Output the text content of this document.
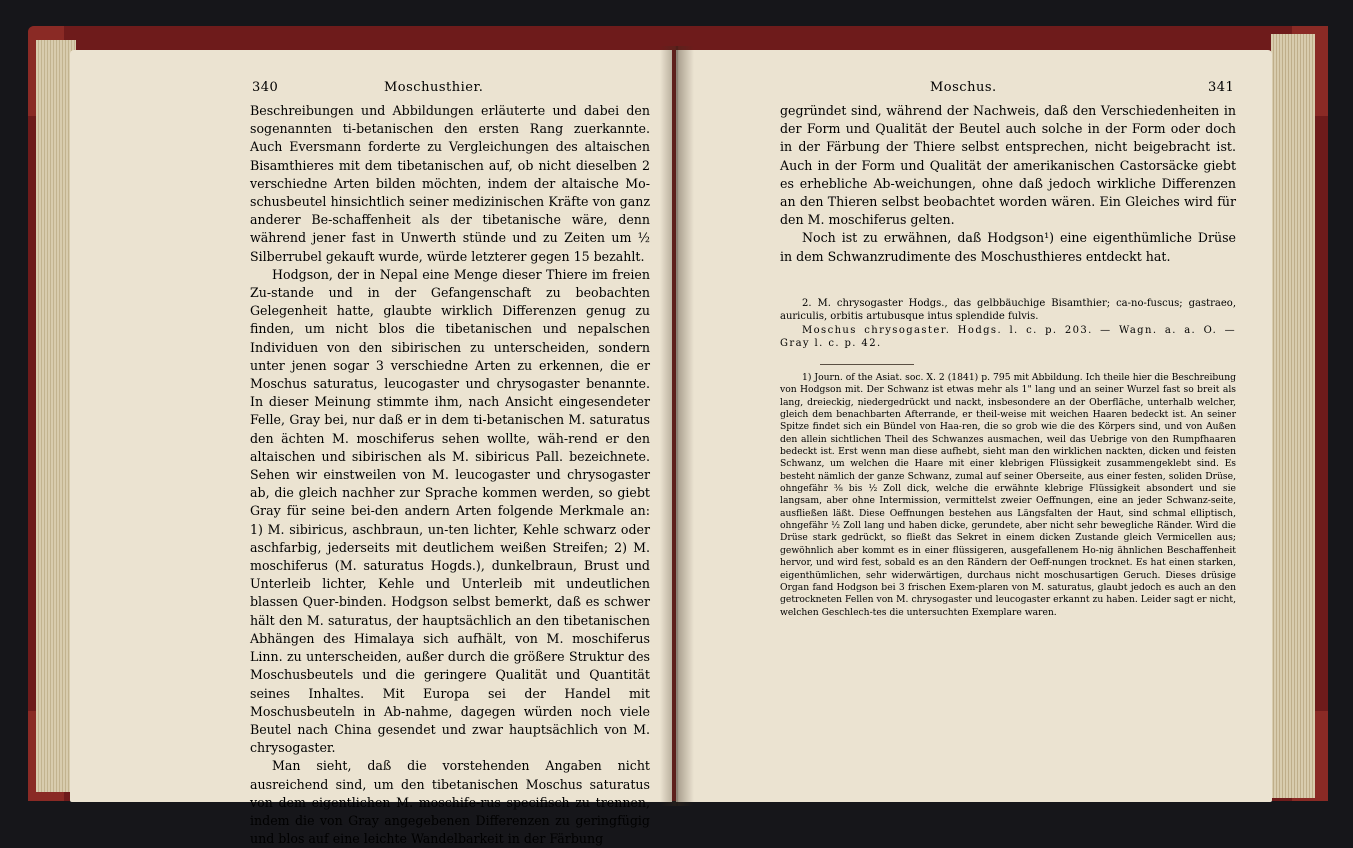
340	Moschusthier.

Beschreibungen und Abbildungen erläuterte und dabei den sogenannten ti-betanischen den ersten Rang zuerkannte. Auch Eversmann forderte zu Vergleichungen des altaischen Bisamthieres mit dem tibetanischen auf, ob nicht dieselben 2 verschiedne Arten bilden möchten, indem der altaische Mo-schusbeutel hinsichtlich seiner medizinischen Kräfte von ganz anderer Be-schaffenheit als der tibetanische wäre, denn während jener fast in Unwerth stünde und zu Zeiten um ½ Silberrubel gekauft wurde, würde letzterer gegen 15 bezahlt.

Hodgson, der in Nepal eine Menge dieser Thiere im freien Zu-stande und in der Gefangenschaft zu beobachten Gelegenheit hatte, glaubte wirklich Differenzen genug zu finden, um nicht blos die tibetanischen und nepalschen Individuen von den sibirischen zu unterscheiden, sondern unter jenen sogar 3 verschiedne Arten zu erkennen, die er Moschus saturatus, leucogaster und chrysogaster benannte. In dieser Meinung stimmte ihm, nach Ansicht eingesendeter Felle, Gray bei, nur daß er in dem ti-betanischen M. saturatus den ächten M. moschiferus sehen wollte, wäh-rend er den altaischen und sibirischen als M. sibiricus Pall. bezeichnete. Sehen wir einstweilen von M. leucogaster und chrysogaster ab, die gleich nachher zur Sprache kommen werden, so giebt Gray für seine bei-den andern Arten folgende Merkmale an: 1) M. sibiricus, aschbraun, un-ten lichter, Kehle schwarz oder aschfarbig, jederseits mit deutlichem weißen Streifen; 2) M. moschiferus (M. saturatus Hogds.), dunkelbraun, Brust und Unterleib lichter, Kehle und Unterleib mit undeutlichen blassen Quer-binden. Hodgson selbst bemerkt, daß es schwer hält den M. saturatus, der hauptsächlich an den tibetanischen Abhängen des Himalaya sich aufhält, von M. moschiferus Linn. zu unterscheiden, außer durch die größere Struktur des Moschusbeutels und die geringere Qualität und Quantität seines Inhaltes. Mit Europa sei der Handel mit Moschusbeuteln in Ab-nahme, dagegen würden noch viele Beutel nach China gesendet und zwar hauptsächlich von M. chrysogaster.

Man sieht, daß die vorstehenden Angaben nicht ausreichend sind, um den tibetanischen Moschus saturatus von dem eigentlichen M. moschife-rus specifisch zu trennen, indem die von Gray angegebenen Differenzen zu geringfügig und blos auf eine leichte Wandelbarkeit in der Färbung

Moschus.	341

gegründet sind, während der Nachweis, daß den Verschiedenheiten in der Form und Qualität der Beutel auch solche in der Form oder doch in der Färbung der Thiere selbst entsprechen, nicht beigebracht ist. Auch in der Form und Qualität der amerikanischen Castorsäcke giebt es erhebliche Ab-weichungen, ohne daß jedoch wirkliche Differenzen an den Thieren selbst beobachtet worden wären. Ein Gleiches wird für den M. moschiferus gelten.

Noch ist zu erwähnen, daß Hodgson¹) eine eigenthümliche Drüse in dem Schwanzrudimente des Moschusthieres entdeckt hat.

2. M. chrysogaster Hodgs., das gelbbäuchige Bisamthier; ca-no-fuscus; gastraeo, auriculis, orbitis artubusque intus splendide fulvis.

Moschus chrysogaster. Hodgs. l. c. p. 203. — Wagn. a. a. O. — Gray l. c. p. 42.

1) Journ. of the Asiat. soc. X. 2 (1841) p. 795 mit Abbildung. Ich theile hier die Beschreibung von Hodgson mit. Der Schwanz ist etwas mehr als 1" lang und an seiner Wurzel fast so breit als lang, dreieckig, niedergedrückt und nackt, insbesondere an der Oberfläche, unterhalb welcher, gleich dem benachbarten Afterrande, er theil-weise mit weichen Haaren bedeckt ist. An seiner Spitze findet sich ein Bündel von Haa-ren, die so grob wie die des Körpers sind, und von Außen den allein sichtlichen Theil des Schwanzes ausmachen, weil das Uebrige von den Rumpfhaaren bedeckt ist. Erst wenn man diese aufhebt, sieht man den wirklichen nackten, dicken und feisten Schwanz, um welchen die Haare mit einer klebrigen Flüssigkeit zusammengeklebt sind. Es besteht nämlich der ganze Schwanz, zumal auf seiner Oberseite, aus einer festen, soliden Drüse, ohngefähr ⅜ bis ½ Zoll dick, welche die erwähnte klebrige Flüssigkeit absondert und sie langsam, aber ohne Intermission, vermittelst zweier Oeffnungen, eine an jeder Schwanz-seite, ausfließen läßt. Diese Oeffnungen bestehen aus Längsfalten der Haut, sind schmal elliptisch, ohngefähr ½ Zoll lang und haben dicke, gerundete, aber nicht sehr bewegliche Ränder. Wird die Drüse stark gedrückt, so fließt das Sekret in einem dicken Zustande gleich Vermicellen aus; gewöhnlich aber kommt es in einer flüssigeren, ausgefallenem Ho-nig ähnlichen Beschaffenheit hervor, und wird fest, sobald es an den Rändern der Oeff-nungen trocknet. Es hat einen starken, eigenthümlichen, sehr widerwärtigen, durchaus nicht moschusartigen Geruch. Dieses drüsige Organ fand Hodgson bei 3 frischen Exem-plaren von M. saturatus, glaubt jedoch es auch an den getrockneten Fellen von M. chrysogaster und leucogaster erkannt zu haben. Leider sagt er nicht, welchen Geschlech-tes die untersuchten Exemplare waren.
